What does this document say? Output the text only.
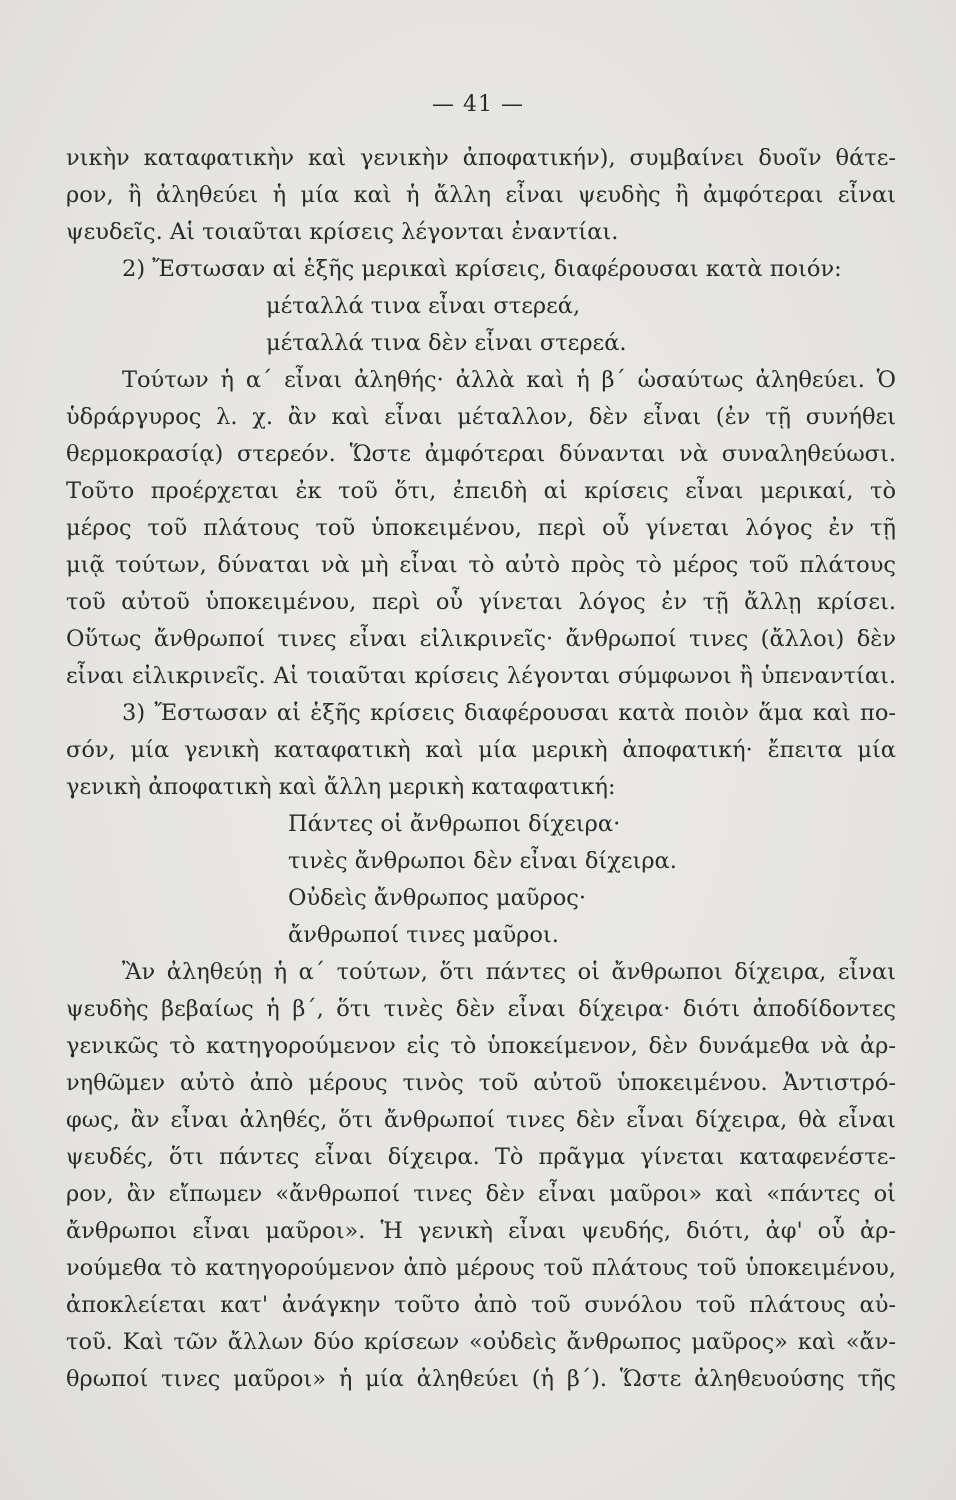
— 41 —
νικὴν καταφατικὴν καὶ γενικὴν ἀποφατικήν), συμβαίνει δυοῖν θάτε-
ρον, ἢ ἀληθεύει ἡ μία καὶ ἡ ἄλλη εἶναι ψευδὴς ἢ ἀμφότεραι εἶναι
ψευδεῖς. Αἱ τοιαῦται κρίσεις λέγονται ἐναντίαι.
2) Ἔστωσαν αἱ ἑξῆς μερικαὶ κρίσεις, διαφέρουσαι κατὰ ποιόν:
μέταλλά τινα εἶναι στερεά,
μέταλλά τινα δὲν εἶναι στερεά.
Τούτων ἡ α΄ εἶναι ἀληθής· ἀλλὰ καὶ ἡ β΄ ὡσαύτως ἀληθεύει. Ὁ
ὑδράργυρος λ. χ. ἂν καὶ εἶναι μέταλλον, δὲν εἶναι (ἐν τῇ συνήθει
θερμοκρασίᾳ) στερεόν. Ὥστε ἀμφότεραι δύνανται νὰ συναληθεύωσι.
Τοῦτο προέρχεται ἐκ τοῦ ὅτι, ἐπειδὴ αἱ κρίσεις εἶναι μερικαί, τὸ
μέρος τοῦ πλάτους τοῦ ὑποκειμένου, περὶ οὗ γίνεται λόγος ἐν τῇ
μιᾷ τούτων, δύναται νὰ μὴ εἶναι τὸ αὐτὸ πρὸς τὸ μέρος τοῦ πλάτους
τοῦ αὐτοῦ ὑποκειμένου, περὶ οὗ γίνεται λόγος ἐν τῇ ἄλλῃ κρίσει.
Οὕτως ἄνθρωποί τινες εἶναι εἰλικρινεῖς· ἄνθρωποί τινες (ἄλλοι) δὲν
εἶναι εἰλικρινεῖς. Αἱ τοιαῦται κρίσεις λέγονται σύμφωνοι ἢ ὑπεναντίαι.
3) Ἔστωσαν αἱ ἑξῆς κρίσεις διαφέρουσαι κατὰ ποιὸν ἅμα καὶ πο-
σόν, μία γενικὴ καταφατικὴ καὶ μία μερικὴ ἀποφατική· ἔπειτα μία
γενικὴ ἀποφατικὴ καὶ ἄλλη μερικὴ καταφατική:
Πάντες οἱ ἄνθρωποι δίχειρα·
τινὲς ἄνθρωποι δὲν εἶναι δίχειρα.
Οὐδεὶς ἄνθρωπος μαῦρος·
ἄνθρωποί τινες μαῦροι.
Ἂν ἀληθεύῃ ἡ α΄ τούτων, ὅτι πάντες οἱ ἄνθρωποι δίχειρα, εἶναι
ψευδὴς βεβαίως ἡ β΄, ὅτι τινὲς δὲν εἶναι δίχειρα· διότι ἀποδίδοντες
γενικῶς τὸ κατηγορούμενον εἰς τὸ ὑποκείμενον, δὲν δυνάμεθα νὰ ἀρ-
νηθῶμεν αὐτὸ ἀπὸ μέρους τινὸς τοῦ αὐτοῦ ὑποκειμένου. Ἀντιστρό-
φως, ἂν εἶναι ἀληθές, ὅτι ἄνθρωποί τινες δὲν εἶναι δίχειρα, θὰ εἶναι
ψευδές, ὅτι πάντες εἶναι δίχειρα. Τὸ πρᾶγμα γίνεται καταφενέστε-
ρον, ἂν εἴπωμεν «ἄνθρωποί τινες δὲν εἶναι μαῦροι» καὶ «πάντες οἱ
ἄνθρωποι εἶναι μαῦροι». Ἡ γενικὴ εἶναι ψευδής, διότι, ἀφ' οὗ ἀρ-
νούμεθα τὸ κατηγορούμενον ἀπὸ μέρους τοῦ πλάτους τοῦ ὑποκειμένου,
ἀποκλείεται κατ' ἀνάγκην τοῦτο ἀπὸ τοῦ συνόλου τοῦ πλάτους αὐ-
τοῦ. Καὶ τῶν ἄλλων δύο κρίσεων «οὐδεὶς ἄνθρωπος μαῦρος» καὶ «ἄν-
θρωποί τινες μαῦροι» ἡ μία ἀληθεύει (ἡ β΄). Ὥστε ἀληθευούσης τῆς
